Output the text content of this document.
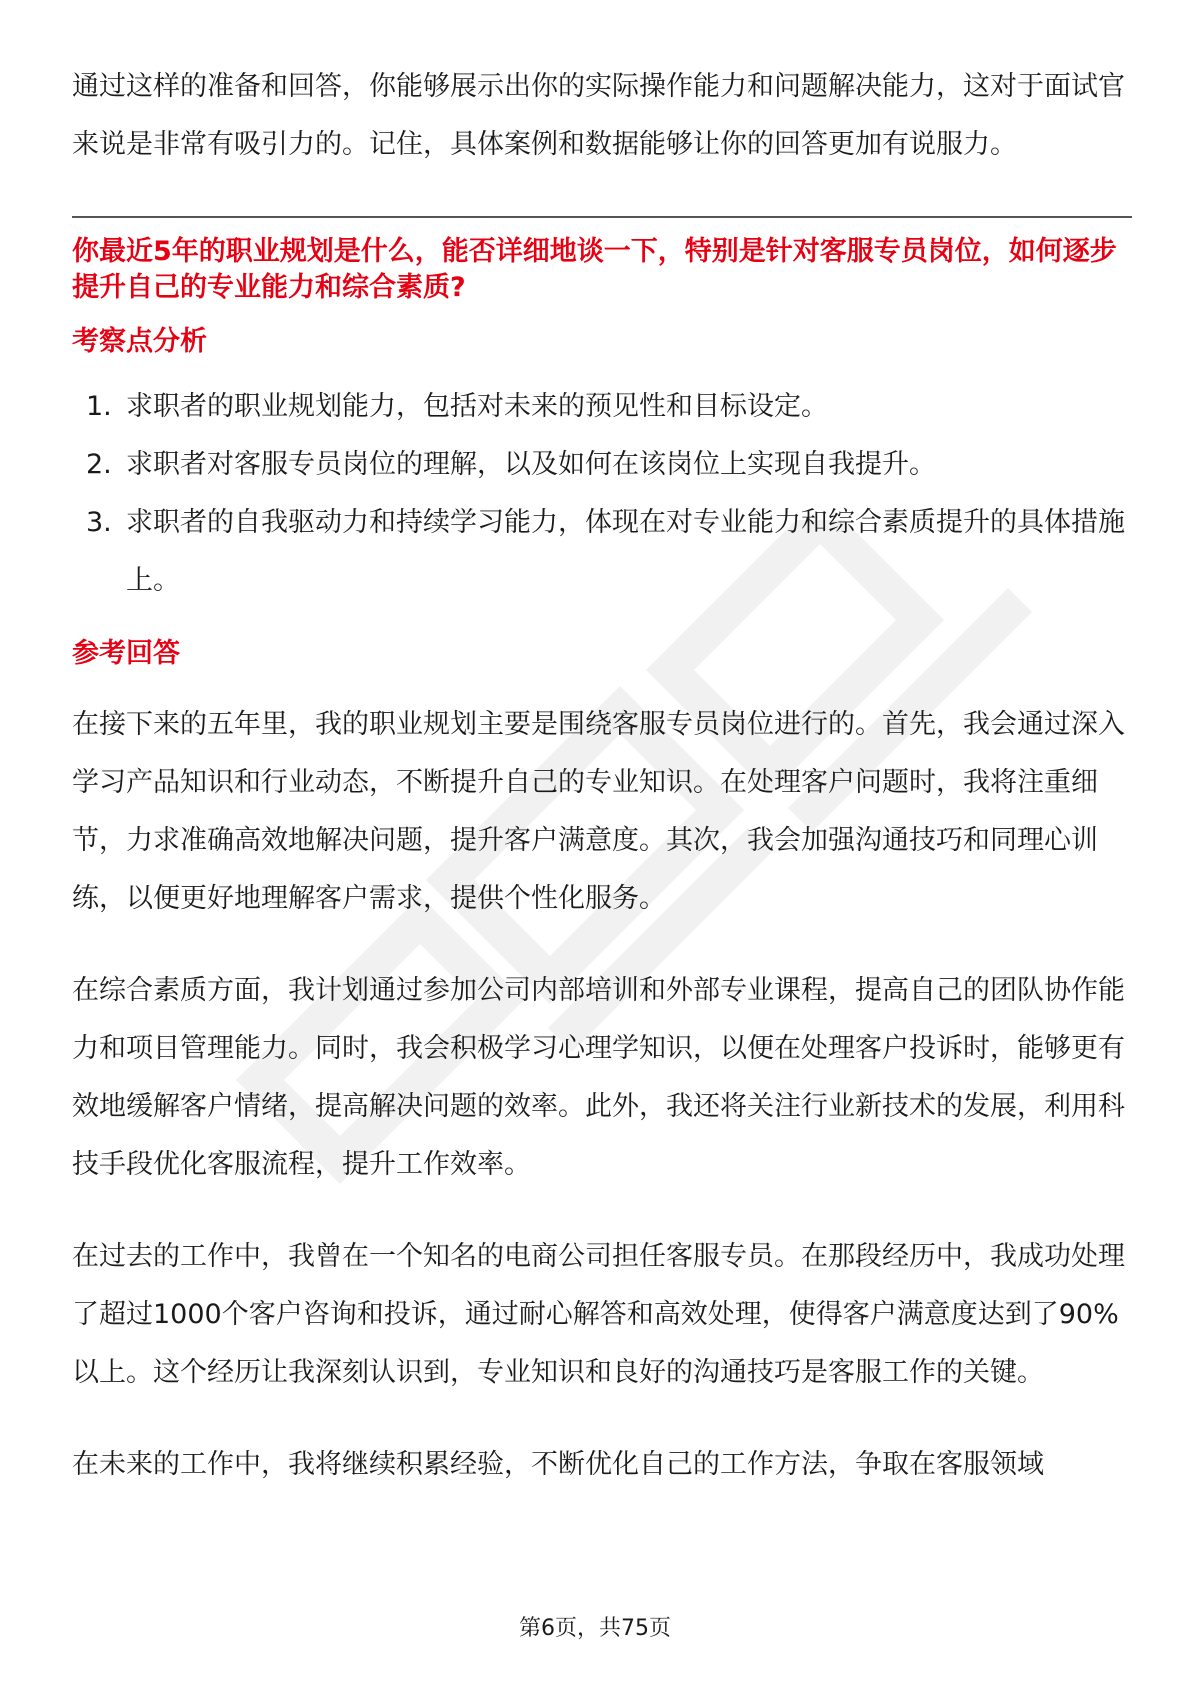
通过这样的准备和回答，你能够展示出你的实际操作能力和问题解决能力，这对于面试官来说是非常有吸引力的。记住，具体案例和数据能够让你的回答更加有说服力。

你最近5年的职业规划是什么，能否详细地谈一下，特别是针对客服专员岗位，如何逐步提升自己的专业能力和综合素质?

考察点分析
1. 求职者的职业规划能力，包括对未来的预见性和目标设定。
2. 求职者对客服专员岗位的理解，以及如何在该岗位上实现自我提升。
3. 求职者的自我驱动力和持续学习能力，体现在对专业能力和综合素质提升的具体措施上。
参考回答

在接下来的五年里，我的职业规划主要是围绕客服专员岗位进行的。首先，我会通过深入学习产品知识和行业动态，不断提升自己的专业知识。在处理客户问题时，我将注重细节，力求准确高效地解决问题，提升客户满意度。其次，我会加强沟通技巧和同理心训练，以便更好地理解客户需求，提供个性化服务。

在综合素质方面，我计划通过参加公司内部培训和外部专业课程，提高自己的团队协作能力和项目管理能力。同时，我会积极学习心理学知识，以便在处理客户投诉时，能够更有效地缓解客户情绪，提高解决问题的效率。此外，我还将关注行业新技术的发展，利用科技手段优化客服流程，提升工作效率。

在过去的工作中，我曾在一个知名的电商公司担任客服专员。在那段经历中，我成功处理了超过1000个客户咨询和投诉，通过耐心解答和高效处理，使得客户满意度达到了90%以上。这个经历让我深刻认识到，专业知识和良好的沟通技巧是客服工作的关键。

在未来的工作中，我将继续积累经验，不断优化自己的工作方法，争取在客服领域

第6页，共75页
